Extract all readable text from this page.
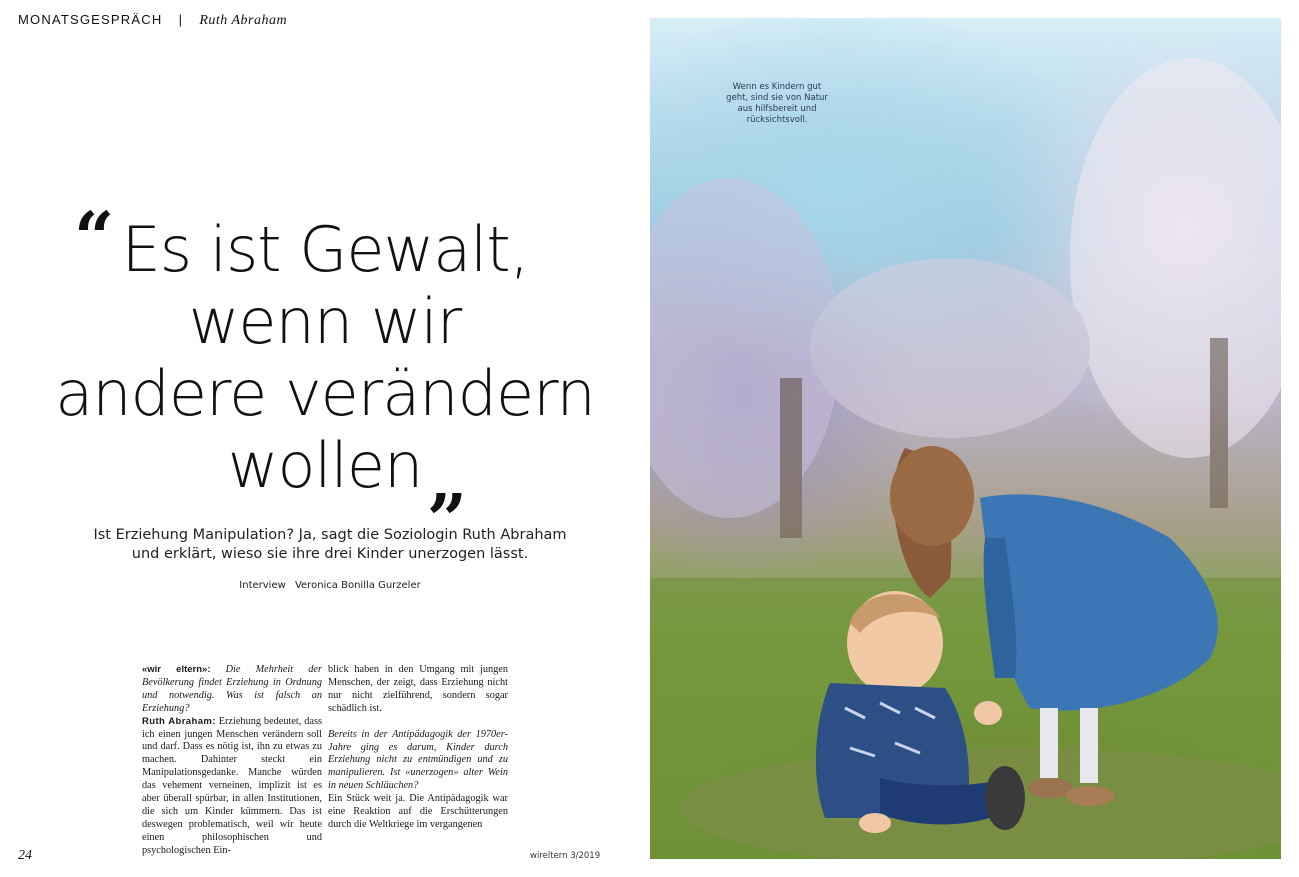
MONATSGESPRÄCH | Ruth Abraham
“ Es ist Gewalt,
wenn wir
andere verändern
wollen „
Ist Erziehung Manipulation? Ja, sagt die Soziologin Ruth Abraham
und erklärt, wieso sie ihre drei Kinder unerzogen lässt.
Interview Veronica Bonilla Gurzeler

«wir eltern»: Die Mehrheit der Bevölkerung findet Erziehung in Ordnung und notwendig. Was ist falsch an Erziehung?

Ruth Abraham: Erziehung bedeutet, dass ich einen jungen Menschen verändern soll und darf. Dass es nötig ist, ihn zu etwas zu machen. Dahinter steckt ein Manipulationsgedanke. Manche würden das vehement verneinen, implizit ist es aber überall spürbar, in allen Institutionen, die sich um Kinder kümmern. Das ist deswegen problematisch, weil wir heute einen philosophischen und psychologischen Ein-

blick haben in den Umgang mit jungen Menschen, der zeigt, dass Erziehung nicht nur nicht zielführend, sondern sogar schädlich ist.

Bereits in der Antipädagogik der 1970er-Jahre ging es darum, Kinder durch Erziehung nicht zu entmündigen und zu manipulieren. Ist «unerzogen» alter Wein in neuen Schläuchen?

Ein Stück weit ja. Die Antipädagogik war eine Reaktion auf die Erschütterungen durch die Weltkriege im vergangenen

24	wireltern 3/2019
Wenn es Kindern gut geht, sind sie von Natur aus hilfsbereit und rücksichtsvoll.
